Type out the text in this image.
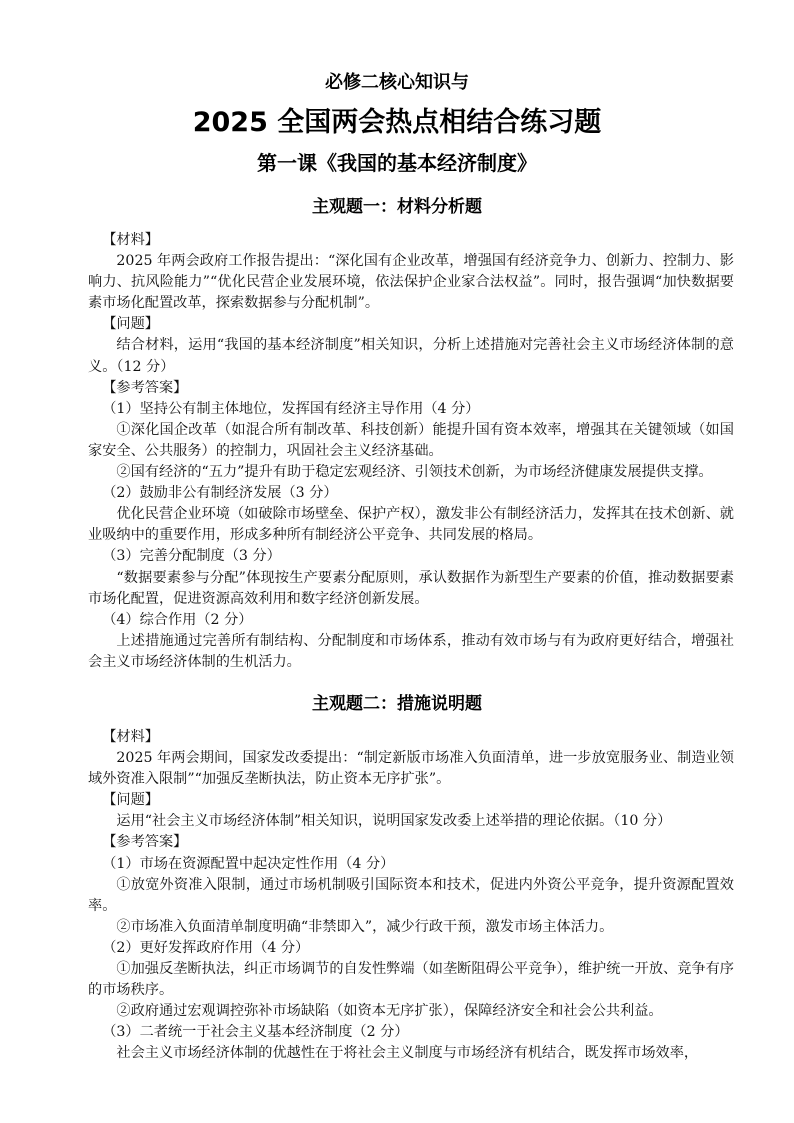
必修二核心知识与
2025 全国两会热点相结合练习题
第一课《我国的基本经济制度》
主观题一：材料分析题

【材料】

2025 年两会政府工作报告提出：“深化国有企业改革，增强国有经济竞争力、创新力、控制力、影响力、抗风险能力”“优化民营企业发展环境，依法保护企业家合法权益”。同时，报告强调“加快数据要素市场化配置改革，探索数据参与分配机制”。

【问题】

结合材料，运用“我国的基本经济制度”相关知识，分析上述措施对完善社会主义市场经济体制的意义。（12 分）

【参考答案】

（1）坚持公有制主体地位，发挥国有经济主导作用（4 分）

①深化国企改革（如混合所有制改革、科技创新）能提升国有资本效率，增强其在关键领域（如国家安全、公共服务）的控制力，巩固社会主义经济基础。

②国有经济的“五力”提升有助于稳定宏观经济、引领技术创新，为市场经济健康发展提供支撑。

（2）鼓励非公有制经济发展（3 分）

优化民营企业环境（如破除市场壁垒、保护产权），激发非公有制经济活力，发挥其在技术创新、就业吸纳中的重要作用，形成多种所有制经济公平竞争、共同发展的格局。

（3）完善分配制度（3 分）

“数据要素参与分配”体现按生产要素分配原则，承认数据作为新型生产要素的价值，推动数据要素市场化配置，促进资源高效利用和数字经济创新发展。

（4）综合作用（2 分）

上述措施通过完善所有制结构、分配制度和市场体系，推动有效市场与有为政府更好结合，增强社会主义市场经济体制的生机活力。

主观题二：措施说明题

【材料】

2025 年两会期间，国家发改委提出：“制定新版市场准入负面清单，进一步放宽服务业、制造业领域外资准入限制”“加强反垄断执法，防止资本无序扩张”。

【问题】

运用“社会主义市场经济体制”相关知识，说明国家发改委上述举措的理论依据。（10 分）

【参考答案】

（1）市场在资源配置中起决定性作用（4 分）

①放宽外资准入限制，通过市场机制吸引国际资本和技术，促进内外资公平竞争，提升资源配置效率。

②市场准入负面清单制度明确“非禁即入”，减少行政干预，激发市场主体活力。

（2）更好发挥政府作用（4 分）

①加强反垄断执法，纠正市场调节的自发性弊端（如垄断阻碍公平竞争），维护统一开放、竞争有序的市场秩序。

②政府通过宏观调控弥补市场缺陷（如资本无序扩张），保障经济安全和社会公共利益。

（3）二者统一于社会主义基本经济制度（2 分）

社会主义市场经济体制的优越性在于将社会主义制度与市场经济有机结合，既发挥市场效率，
